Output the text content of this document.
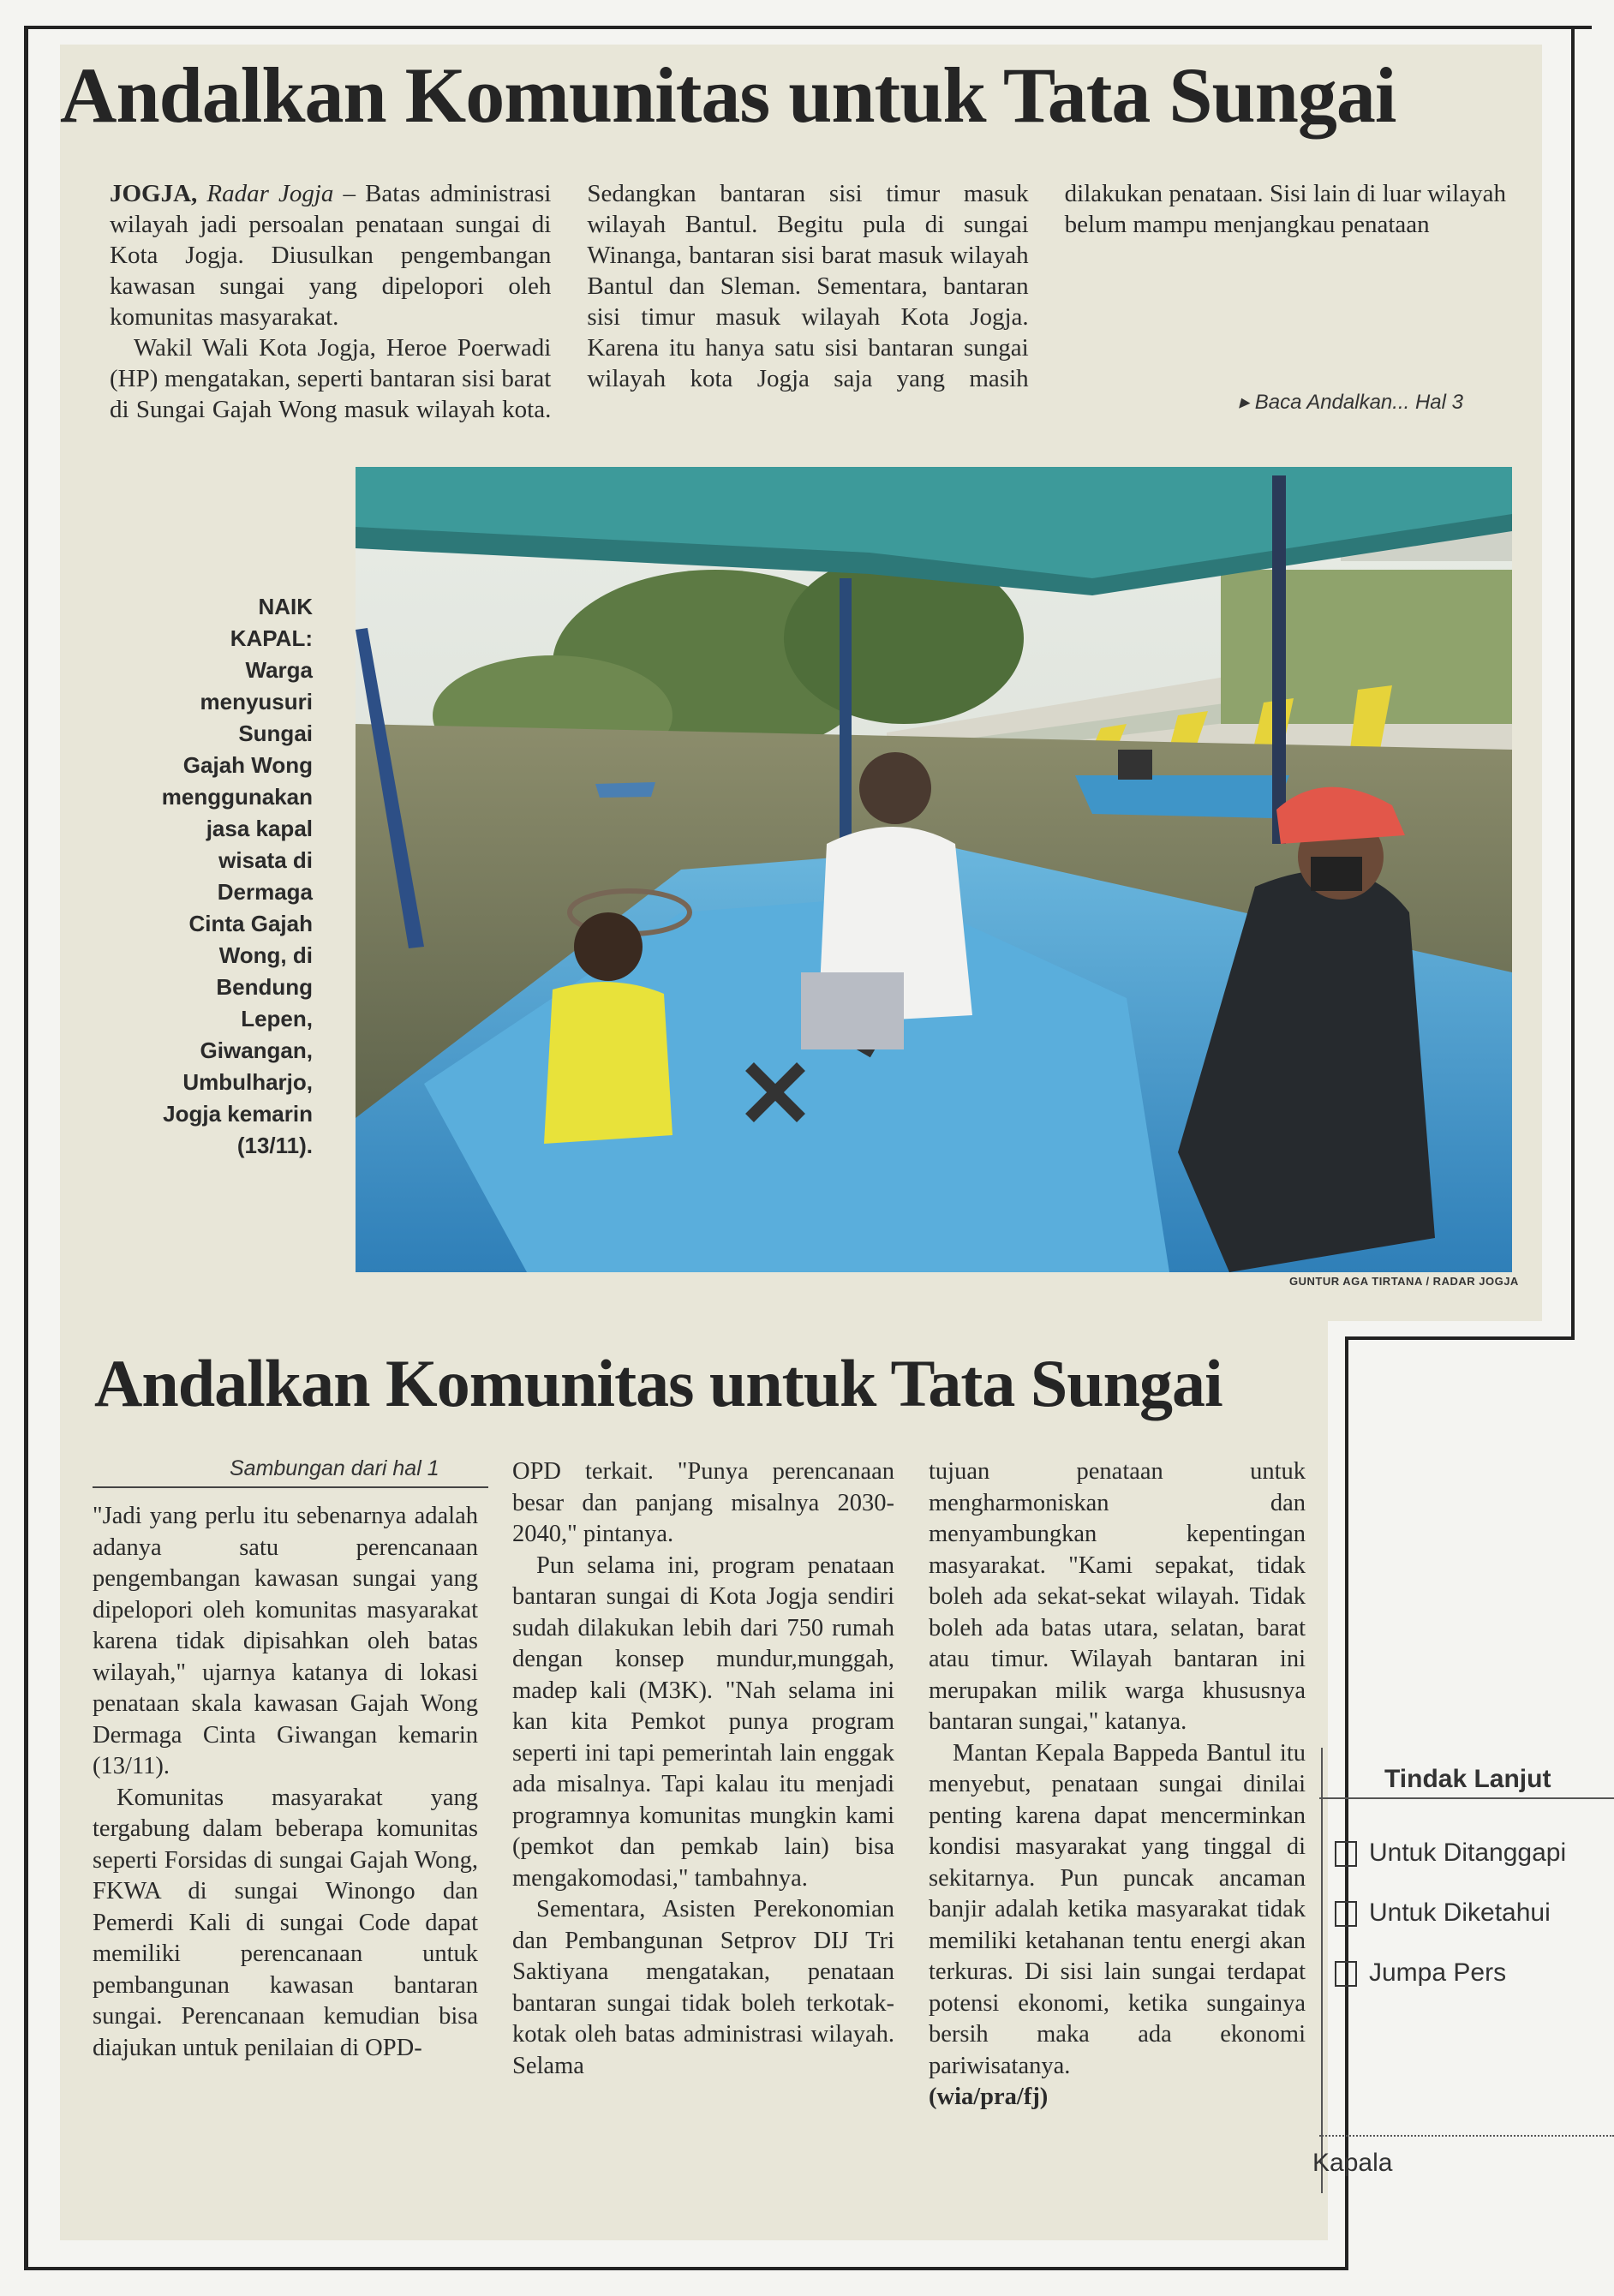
Andalkan Komunitas untuk Tata Sungai

JOGJA, Radar Jogja – Batas administrasi wilayah jadi persoalan penataan sungai di Kota Jogja. Diusulkan pengembangan kawasan sungai yang dipelopori oleh komunitas masyarakat.

Wakil Wali Kota Jogja, Heroe Poerwadi (HP) mengatakan, seperti bantaran sisi barat di Sungai Gajah Wong masuk wilayah kota. Sedangkan bantaran sisi timur masuk wilayah Bantul. Begitu pula di sungai Winanga, bantaran sisi barat masuk wilayah Bantul dan Sleman. Sementara, bantaran sisi timur masuk wilayah Kota Jogja. Karena itu hanya satu sisi bantaran sungai wilayah kota Jogja saja yang masih dilakukan penataan. Sisi lain di luar wilayah belum mampu menjangkau penataan

▸ Baca Andalkan... Hal 3
NAIK
KAPAL:
Warga
menyusuri
Sungai
Gajah Wong
menggunakan
jasa kapal
wisata di
Dermaga
Cinta Gajah
Wong, di
Bendung
Lepen,
Giwangan,
Umbulharjo,
Jogja kemarin
(13/11).
GUNTUR AGA TIRTANA / RADAR JOGJA
Andalkan Komunitas untuk Tata Sungai
Sambungan dari hal 1

"Jadi yang perlu itu sebenarnya adalah adanya satu perencanaan pengembangan kawasan sungai yang dipelopori oleh komunitas masyarakat karena tidak dipisahkan oleh batas wilayah," ujarnya katanya di lokasi penataan skala kawasan Gajah Wong Dermaga Cinta Giwangan kemarin (13/11).

Komunitas masyarakat yang tergabung dalam beberapa komunitas seperti Forsidas di sungai Gajah Wong, FKWA di sungai Winongo dan Pemerdi Kali di sungai Code dapat memiliki perencanaan untuk pembangunan kawasan bantaran sungai. Perencanaan kemudian bisa diajukan untuk penilaian di OPD-

OPD terkait. "Punya perencanaan besar dan panjang misalnya 2030-2040," pintanya.

Pun selama ini, program penataan bantaran sungai di Kota Jogja sendiri sudah dilakukan lebih dari 750 rumah dengan konsep mundur,munggah, madep kali (M3K). "Nah selama ini kan kita Pemkot punya program seperti ini tapi pemerintah lain enggak ada misalnya. Tapi kalau itu menjadi programnya komunitas mungkin kami (pemkot dan pemkab lain) bisa mengakomodasi," tambahnya.

Sementara, Asisten Perekonomian dan Pembangunan Setprov DIJ Tri Saktiyana mengatakan, penataan bantaran sungai tidak boleh terkotak-kotak oleh batas administrasi wilayah. Selama

tujuan penataan untuk mengharmoniskan dan menyambungkan kepentingan masyarakat. "Kami sepakat, tidak boleh ada sekat-sekat wilayah. Tidak boleh ada batas utara, selatan, barat atau timur. Wilayah bantaran ini merupakan milik warga khususnya bantaran sungai," katanya.

Mantan Kepala Bappeda Bantul itu menyebut, penataan sungai dinilai penting karena dapat mencerminkan kondisi masyarakat yang tinggal di sekitarnya. Pun puncak ancaman banjir adalah ketika masyarakat tidak memiliki ketahanan tentu energi akan terkuras. Di sisi lain sungai terdapat potensi ekonomi, ketika sungainya bersih maka ada ekonomi pariwisatanya.

(wia/pra/fj)

Tindak Lanjut
Untuk Ditanggapi
Untuk Diketahui
Jumpa Pers
Kapala
